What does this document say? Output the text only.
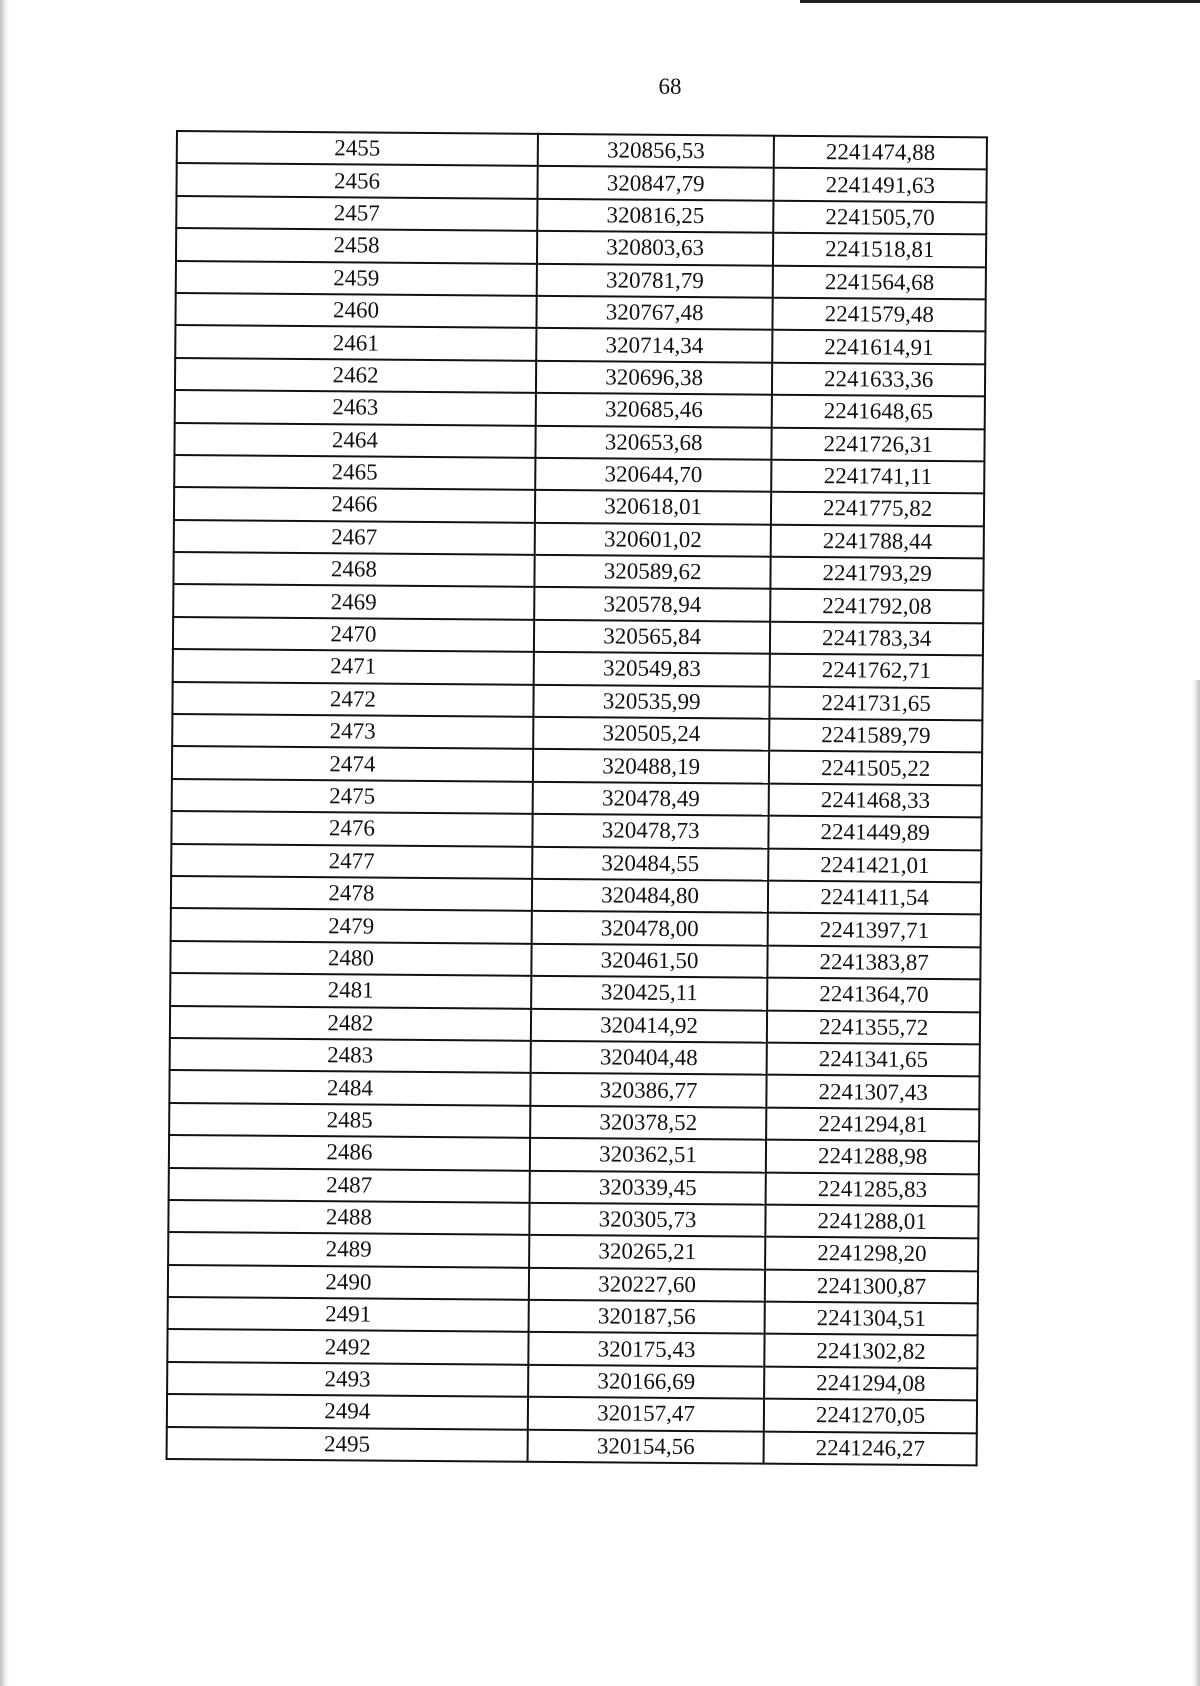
68
2455	320856,53	2241474,88
2456	320847,79	2241491,63
2457	320816,25	2241505,70
2458	320803,63	2241518,81
2459	320781,79	2241564,68
2460	320767,48	2241579,48
2461	320714,34	2241614,91
2462	320696,38	2241633,36
2463	320685,46	2241648,65
2464	320653,68	2241726,31
2465	320644,70	2241741,11
2466	320618,01	2241775,82
2467	320601,02	2241788,44
2468	320589,62	2241793,29
2469	320578,94	2241792,08
2470	320565,84	2241783,34
2471	320549,83	2241762,71
2472	320535,99	2241731,65
2473	320505,24	2241589,79
2474	320488,19	2241505,22
2475	320478,49	2241468,33
2476	320478,73	2241449,89
2477	320484,55	2241421,01
2478	320484,80	2241411,54
2479	320478,00	2241397,71
2480	320461,50	2241383,87
2481	320425,11	2241364,70
2482	320414,92	2241355,72
2483	320404,48	2241341,65
2484	320386,77	2241307,43
2485	320378,52	2241294,81
2486	320362,51	2241288,98
2487	320339,45	2241285,83
2488	320305,73	2241288,01
2489	320265,21	2241298,20
2490	320227,60	2241300,87
2491	320187,56	2241304,51
2492	320175,43	2241302,82
2493	320166,69	2241294,08
2494	320157,47	2241270,05
2495	320154,56	2241246,27
